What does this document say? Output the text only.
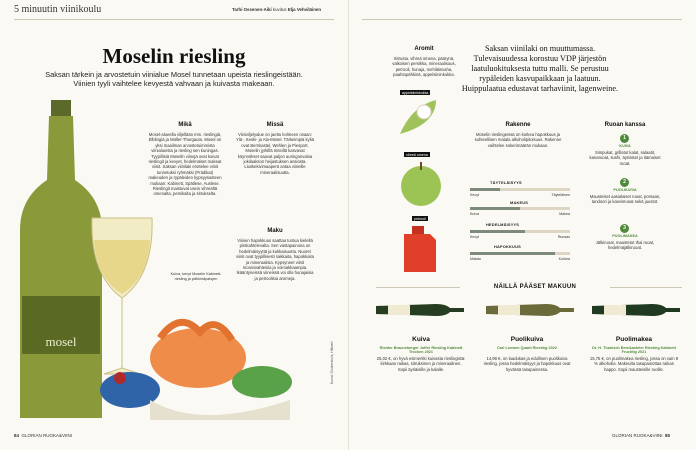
5 minuutin viinikoulu	Tarhi Ossenen-Aiki kuvitus Elja Vehviläinen
Moselin riesling
Saksan tärkein ja arvostetuin viinialue Mosel tunnetaan upeista rieslingeistään. Viinien tyyli vaihtelee kevyestä vahvaan ja kuivasta makeaan.
mosel
Kuiva, kevyt Moselin Kabinett-riesling ja pähkinäpalojen
Kuvat: Shutterstock, Hilfwert
Mikä
Mosel-alueella viljellään mm. rieslingiä, Elblingiä ja Müller-Thurgauta. Mosel on yksi maailman arvostetuimmista viinialueista ja riesling sen kuningas. Tyypillisiä Moselin viinejä ovat kuivat rieslingit ja kevyet, hedelmäiset makeat viinit. Saksan viinilaki erottelee viinit tunnetuksi ryhmäksi (Prädikat) makeuden ja rypäleiden kypsyysasteen mukaan: Kabinett, Spätlese, Auslese. Rieslingit maistuvat usein vihreältä omenalta, persikalta ja sitrukselta.
Missä
Viiniviljelyalue on jaettu kolmeen osaan: Ylä-, Keski- ja Ala-Mosel. Tärkeimpiä kyliä ovat Bernkastel, Wehlen ja Piesport. Moselin jyrkillä rinteillä kasvavat köynnökset saavat paljon auringonvaloa jokilaakson heijastuksen ansiosta. Liuskekivimaaperä antaa viineille mineraalisuutta.
Maku
Viinien hapokkuus saattaa tuntua kielellä pirskahtelevalta. Sen vastapainona on hedelmäisyyttä ja kukkaisuutta. Nuoret viinit ovat tyypillisesti raikkaita, hapokkaita ja mineraalisia. Kypsyneet viinit monivivahteisia ja voimakkaampia. Ikääntyneissä viineissä voi olla hunajaisia ja petroolisia aromeja.
84 GLORIAN RUOKA&VIINI
Aromit
Sitrusta, vihreä omena, päärynä, valkoisen persikka, mineraalisuus, petrooli, hunaja, mehiläisvaha, paahtopähkinä, appelsiininkukka.
Saksan viinilaki on muuttumassa. Tulevaisuudessa korostuu VDP järjestön laatuluokituksesta tuttu malli. Se perustuu rypäleiden kasvupaikkaan ja laatuun. Huippulaatua edustavat tarhaviinit, lagenweine.
appelsiininkukka
vihreä omena
petrooli
Rakenne
Moselin rieslingeissä on korkea hapokkuus ja suhteellisen matala alkoholipitoisuus. Rakenne vaihtelee sokerimäärän mukaan.
TÄYTELÄISYYS
Kevyt	Täyteläinen
MAKEUS
Kuiva	Makea
HEDELMÄISYYS
Kevyt	Runsas
HAPOKKUUS
Matala	Korkea
Ruoan kanssa
1
KUIVA
Simpukat, grillatut kalat, salaatit, kanaruoat, sushi, äyriäiset ja itämaiset ruoat.
2
PUOLIKUIVA
Mausteiset aasialaiset ruoat, porsaan, tandoori ja kasvisruoat sekä juustot.
3
PUOLIMAKEA
Jälkiruoat, maustetut thai ruoat, hedelmäjälkiruoat.
NÄILLÄ PÄÄSET MAKUUN
Kuiva
Richter Brauneberger Juffer Riesling Kabinett Trocken 2021
25,02 €, on hyvä esimerkki kuivasta rieslingistä: kirkkaan raikas, sitruksinen ja mineraalinen. Sopii äyriäisille ja kalalle.
Puolikuiva
Carl Loewen Quant Riesling 2022
14,99 €, on laadukas ja edullinen puolikuiva riesling, jossa hedelmäisyys ja hapokkuus ovat hyvässä tasapainossa.
Puolimakea
Dr. H. Thanisch Bernkasteler Riesling Kabinett Fruchtig 2021
15,75 €, on puolimakea riesling, jossa on vain 8 % alkoholia. Makeutta tasapainottaa raikas happo. Sopii mausteisille ruoille.
GLORIAN RUOKA&VIINI 85
